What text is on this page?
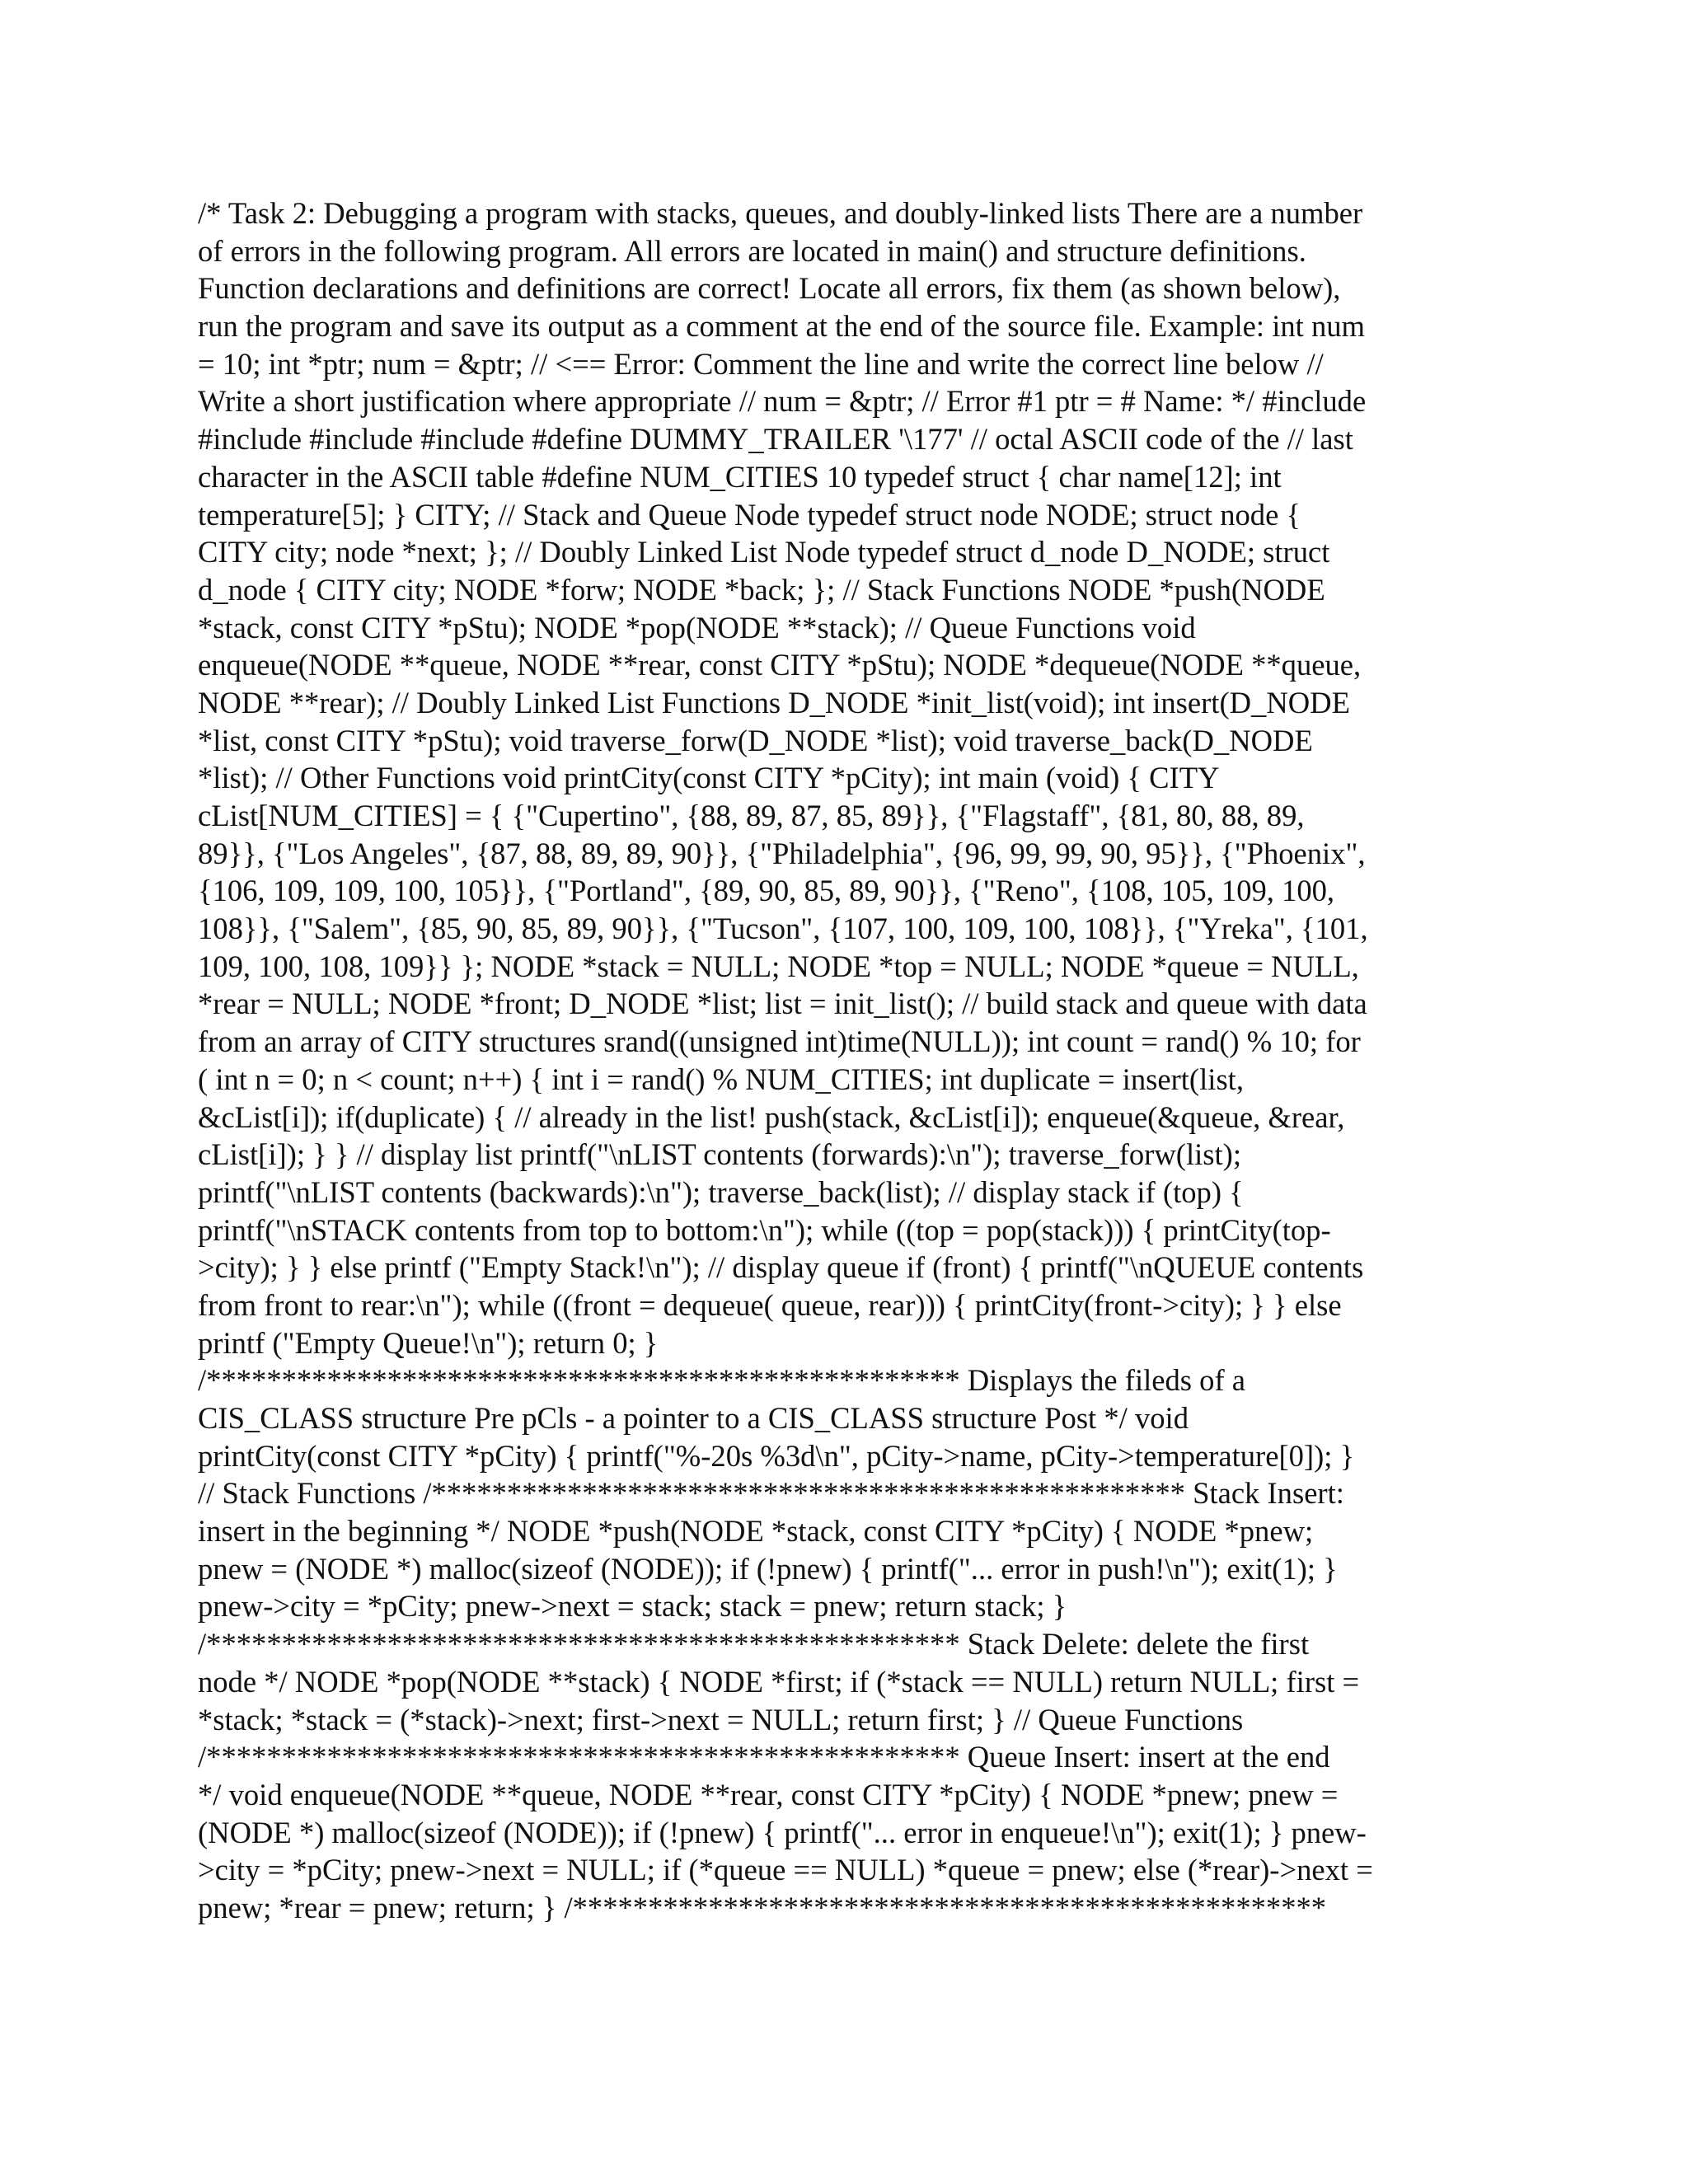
/* Task 2: Debugging a program with stacks, queues, and doubly-linked lists There are a number
of errors in the following program. All errors are located in main() and structure definitions.
Function declarations and definitions are correct! Locate all errors, fix them (as shown below),
run the program and save its output as a comment at the end of the source file. Example: int num
= 10; int *ptr; num = &ptr; // <== Error: Comment the line and write the correct line below //
Write a short justification where appropriate // num = &ptr; // Error #1 ptr = # Name: */ #include
#include #include #include #define DUMMY_TRAILER '\177' // octal ASCII code of the // last
character in the ASCII table #define NUM_CITIES 10 typedef struct { char name[12]; int
temperature[5]; } CITY; // Stack and Queue Node typedef struct node NODE; struct node {
CITY city; node *next; }; // Doubly Linked List Node typedef struct d_node D_NODE; struct
d_node { CITY city; NODE *forw; NODE *back; }; // Stack Functions NODE *push(NODE
*stack, const CITY *pStu); NODE *pop(NODE **stack); // Queue Functions void
enqueue(NODE **queue, NODE **rear, const CITY *pStu); NODE *dequeue(NODE **queue,
NODE **rear); // Doubly Linked List Functions D_NODE *init_list(void); int insert(D_NODE
*list, const CITY *pStu); void traverse_forw(D_NODE *list); void traverse_back(D_NODE
*list); // Other Functions void printCity(const CITY *pCity); int main (void) { CITY
cList[NUM_CITIES] = { {"Cupertino", {88, 89, 87, 85, 89}}, {"Flagstaff", {81, 80, 88, 89,
89}}, {"Los Angeles", {87, 88, 89, 89, 90}}, {"Philadelphia", {96, 99, 99, 90, 95}}, {"Phoenix",
{106, 109, 109, 100, 105}}, {"Portland", {89, 90, 85, 89, 90}}, {"Reno", {108, 105, 109, 100,
108}}, {"Salem", {85, 90, 85, 89, 90}}, {"Tucson", {107, 100, 109, 100, 108}}, {"Yreka", {101,
109, 100, 108, 109}} }; NODE *stack = NULL; NODE *top = NULL; NODE *queue = NULL,
*rear = NULL; NODE *front; D_NODE *list; list = init_list(); // build stack and queue with data
from an array of CITY structures srand((unsigned int)time(NULL)); int count = rand() % 10; for
( int n = 0; n < count; n++) { int i = rand() % NUM_CITIES; int duplicate = insert(list,
&cList[i]); if(duplicate) { // already in the list! push(stack, &cList[i]); enqueue(&queue, &rear,
cList[i]); } } // display list printf("\nLIST contents (forwards):\n"); traverse_forw(list);
printf("\nLIST contents (backwards):\n"); traverse_back(list); // display stack if (top) {
printf("\nSTACK contents from top to bottom:\n"); while ((top = pop(stack))) { printCity(top-
>city); } } else printf ("Empty Stack!\n"); // display queue if (front) { printf("\nQUEUE contents
from front to rear:\n"); while ((front = dequeue( queue, rear))) { printCity(front->city); } } else
printf ("Empty Queue!\n"); return 0; }
/************************************************** Displays the fileds of a
CIS_CLASS structure Pre pCls - a pointer to a CIS_CLASS structure Post */ void
printCity(const CITY *pCity) { printf("%-20s %3d\n", pCity->name, pCity->temperature[0]); }
// Stack Functions /************************************************** Stack Insert:
insert in the beginning */ NODE *push(NODE *stack, const CITY *pCity) { NODE *pnew;
pnew = (NODE *) malloc(sizeof (NODE)); if (!pnew) { printf("... error in push!\n"); exit(1); }
pnew->city = *pCity; pnew->next = stack; stack = pnew; return stack; }
/************************************************** Stack Delete: delete the first
node */ NODE *pop(NODE **stack) { NODE *first; if (*stack == NULL) return NULL; first =
*stack; *stack = (*stack)->next; first->next = NULL; return first; } // Queue Functions
/************************************************** Queue Insert: insert at the end
*/ void enqueue(NODE **queue, NODE **rear, const CITY *pCity) { NODE *pnew; pnew =
(NODE *) malloc(sizeof (NODE)); if (!pnew) { printf("... error in enqueue!\n"); exit(1); } pnew-
>city = *pCity; pnew->next = NULL; if (*queue == NULL) *queue = pnew; else (*rear)->next =
pnew; *rear = pnew; return; } /**************************************************
